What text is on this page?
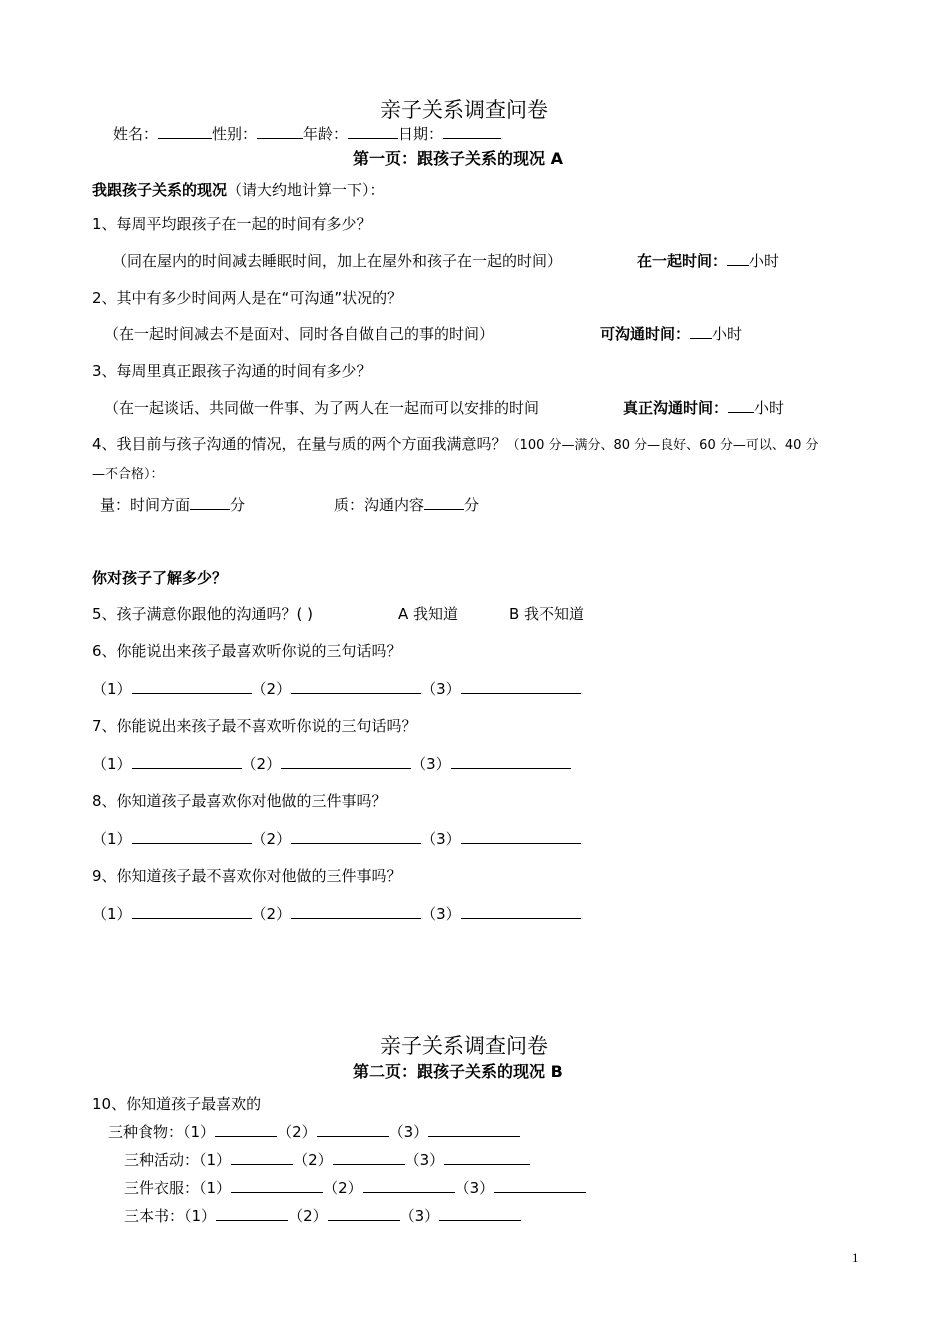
亲子关系调查问卷
姓名：	性别：	年龄：	日期：
第一页：跟孩子关系的现况 A
我跟孩子关系的现况（请大约地计算一下）：
1、每周平均跟孩子在一起的时间有多少？
（同在屋内的时间减去睡眠时间，加上在屋外和孩子在一起的时间）	在一起时间： 小时
2、其中有多少时间两人是在“可沟通”状况的？
（在一起时间减去不是面对、同时各自做自己的事的时间）	可沟通时间： 小时
3、每周里真正跟孩子沟通的时间有多少？
（在一起谈话、共同做一件事、为了两人在一起而可以安排的时间	真正沟通时间： 小时
4、我目前与孩子沟通的情况，在量与质的两个方面我满意吗？（100 分—满分、80 分—良好、60 分—可以、40 分
—不合格）：
量：时间方面	分	质：沟通内容	分
你对孩子了解多少？
5、孩子满意你跟他的沟通吗？( )	A 我知道	B 我不知道
6、你能说出来孩子最喜欢听你说的三句话吗？
（1）	（2）	（3）
7、你能说出来孩子最不喜欢听你说的三句话吗？
（1）	（2）	（3）
8、你知道孩子最喜欢你对他做的三件事吗？
（1）	（2）	（3）
9、你知道孩子最不喜欢你对他做的三件事吗？
（1）	（2）	（3）
亲子关系调查问卷
第二页：跟孩子关系的现况 B
10、你知道孩子最喜欢的
三种食物：（1）	（2）	（3）
三种活动：（1）	（2）	（3）
三件衣服：（1）	（2）	（3）
三本书：（1）	（2）	（3）
1
